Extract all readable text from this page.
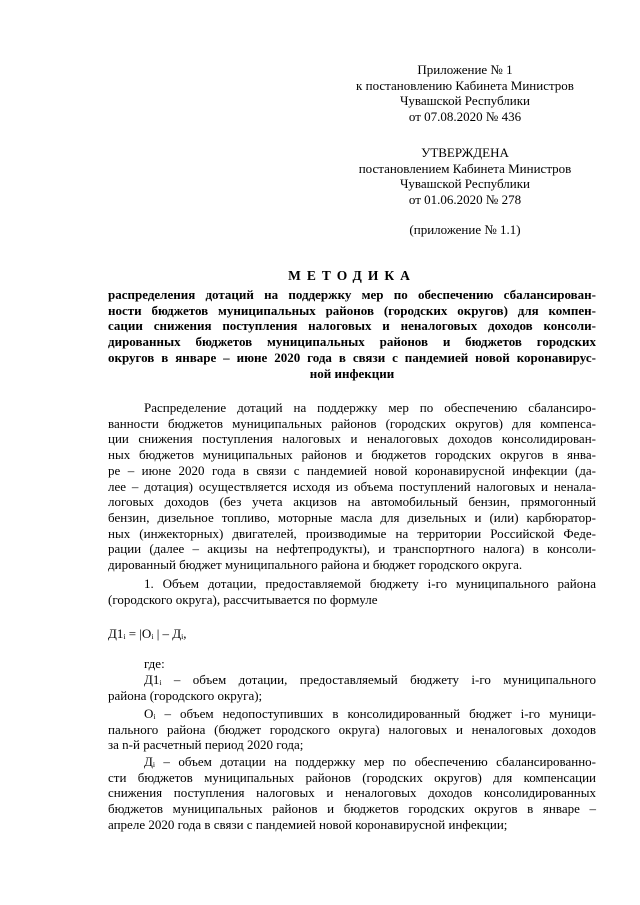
Приложение № 1
к постановлению Кабинета Министров
Чувашской Республики
от 07.08.2020 № 436
УТВЕРЖДЕНА
постановлением Кабинета Министров
Чувашской Республики
от 01.06.2020 № 278
(приложение № 1.1)
МЕТОДИКА
распределения дотаций на поддержку мер по обеспечению сбалансирован-
ности бюджетов муниципальных районов (городских округов) для компен-
сации снижения поступления налоговых и неналоговых доходов консоли-
дированных бюджетов муниципальных районов и бюджетов городских
округов в январе – июне 2020 года в связи с пандемией новой коронавирус-
ной инфекции
Распределение дотаций на поддержку мер по обеспечению сбалансиро-
ванности бюджетов муниципальных районов (городских округов) для компенса-
ции снижения поступления налоговых и неналоговых доходов консолидирован-
ных бюджетов муниципальных районов и бюджетов городских округов в янва-
ре – июне 2020 года в связи с пандемией новой коронавирусной инфекции (да-
лее – дотация) осуществляется исходя из объема поступлений налоговых и ненала-
логовых доходов (без учета акцизов на автомобильный бензин, прямогонный
бензин, дизельное топливо, моторные масла для дизельных и (или) карбюратор-
ных (инжекторных) двигателей, производимые на территории Российской Феде-
рации (далее – акцизы на нефтепродукты), и транспортного налога) в консоли-
дированный бюджет муниципального района и бюджет городского округа.
1. Объем дотации, предоставляемой бюджету i-го муниципального района
(городского округа), рассчитывается по формуле
Д1ᵢ = |Oᵢ | – Дᵢ,
где:
Д1ᵢ – объем дотации, предоставляемый бюджету i-го муниципального
района (городского округа);
Oᵢ – объем недопоступивших в консолидированный бюджет i-го муници-
пального района (бюджет городского округа) налоговых и неналоговых доходов
за n-й расчетный период 2020 года;
Дᵢ – объем дотации на поддержку мер по обеспечению сбалансированно-
сти бюджетов муниципальных районов (городских округов) для компенсации
снижения поступления налоговых и неналоговых доходов консолидированных
бюджетов муниципальных районов и бюджетов городских округов в январе –
апреле 2020 года в связи с пандемией новой коронавирусной инфекции;
